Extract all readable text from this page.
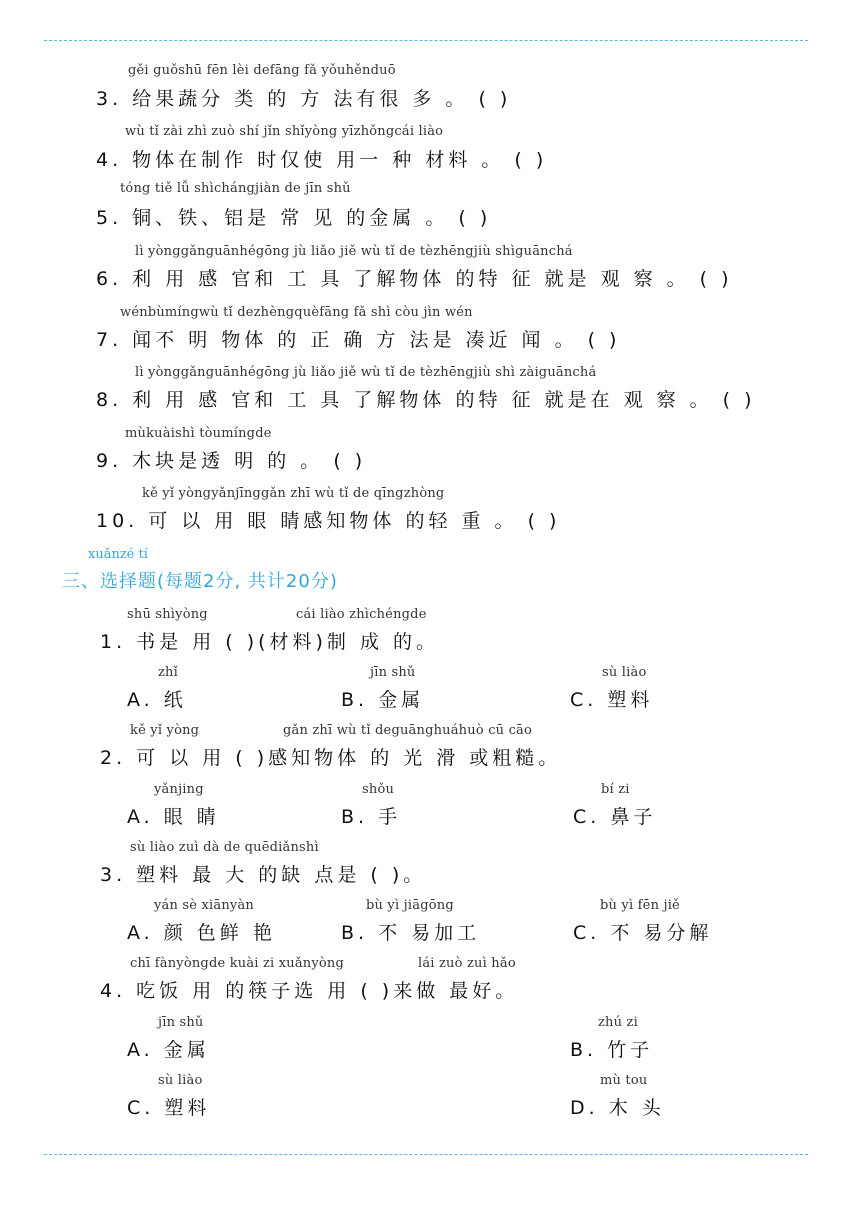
gěi guǒshū fēn lèi defāng fǎ yǒuhěnduō
3. 给果蔬分 类 的 方 法有很 多 。 ( )
wù tǐ zài zhì zuò shí jǐn shǐyòng yīzhǒngcái liào
4. 物体在制作 时仅使 用一 种 材料 。 ( )
tóng tiě lǚ shìchángjiàn de jīn shǔ
5. 铜、铁、铝是 常 见 的金属 。 ( )
lì yònggǎnguānhégōng jù liǎo jiě wù tǐ de tèzhēngjiù shìguānchá
6. 利 用 感 官和 工 具 了解物体 的特 征 就是 观 察 。 ( )
wénbùmíngwù tǐ dezhèngquèfāng fǎ shì còu jìn wén
7. 闻不 明 物体 的 正 确 方 法是 凑近 闻 。 ( )
lì yònggǎnguānhégōng jù liǎo jiě wù tǐ de tèzhēngjiù shì zàiguānchá
8. 利 用 感 官和 工 具 了解物体 的特 征 就是在 观 察 。 ( )
mùkuàishì tòumíngde
9. 木块是透 明 的 。 ( )
kě yǐ yòngyǎnjīnggǎn zhī wù tǐ de qīngzhòng
10. 可 以 用 眼 睛感知物体 的轻 重 。 ( )
xuǎnzé tí
三、选择题(每题2分, 共计20分)
shū shìyòng	cái liào zhìchéngde
1. 书是 用 ( )(材料)制 成 的。
zhǐ
A. 纸
jīn shǔ
B. 金属
sù liào
C. 塑料
kě yǐ yòng	gǎn zhī wù tǐ deguānghuáhuò cū cāo
2. 可 以 用 ( )感知物体 的 光 滑 或粗糙。
yǎnjing
A. 眼 睛
shǒu
B. 手
bí zi
C. 鼻子
sù liào zuì dà de quēdiǎnshì
3. 塑料 最 大 的缺 点是 ( )。
yán sè xiānyàn
A. 颜 色鲜 艳
bù yì jiāgōng
B. 不 易加工
bù yì fēn jiě
C. 不 易分解
chī fànyòngde kuài zi xuǎnyòng	lái zuò zuì hǎo
4. 吃饭 用 的筷子选 用 ( )来做 最好。
jīn shǔ
A. 金属
zhú zi
B. 竹子
sù liào
C. 塑料
mù tou
D. 木 头
